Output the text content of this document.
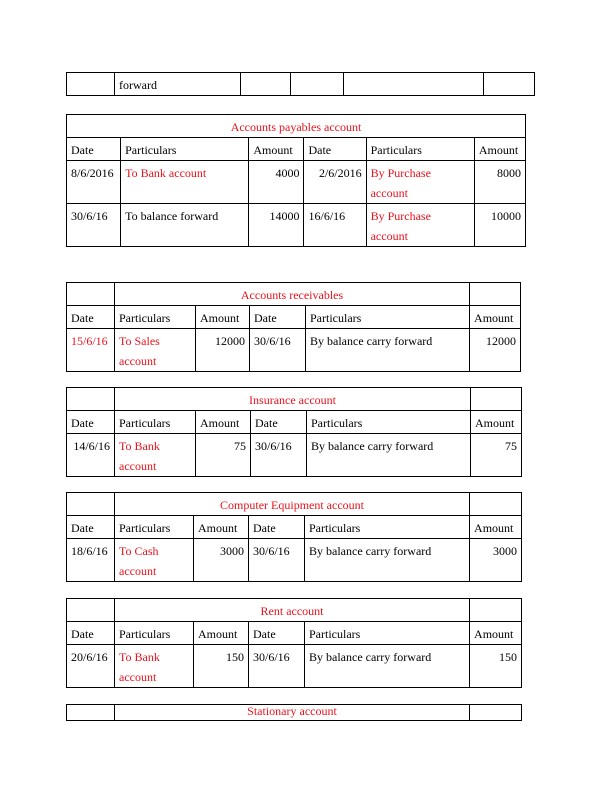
	forward				
Accounts payables account					
Date	Particulars	Amount	Date	Particulars	Amount
8/6/2016	To Bank account	4000	2/6/2016	By Purchase account	8000
30/6/16	To balance forward	14000	16/6/16	By Purchase account	10000
	Accounts receivables				
Date	Particulars	Amount	Date	Particulars	Amount
15/6/16	To Sales account	12000	30/6/16	By balance carry forward	12000
	Insurance account				
Date	Particulars	Amount	Date	Particulars	Amount
14/6/16	To Bank account	75	30/6/16	By balance carry forward	75
	Computer Equipment account				
Date	Particulars	Amount	Date	Particulars	Amount
18/6/16	To Cash account	3000	30/6/16	By balance carry forward	3000
	Rent account				
Date	Particulars	Amount	Date	Particulars	Amount
20/6/16	To Bank account	150	30/6/16	By balance carry forward	150
	Stationary account	
